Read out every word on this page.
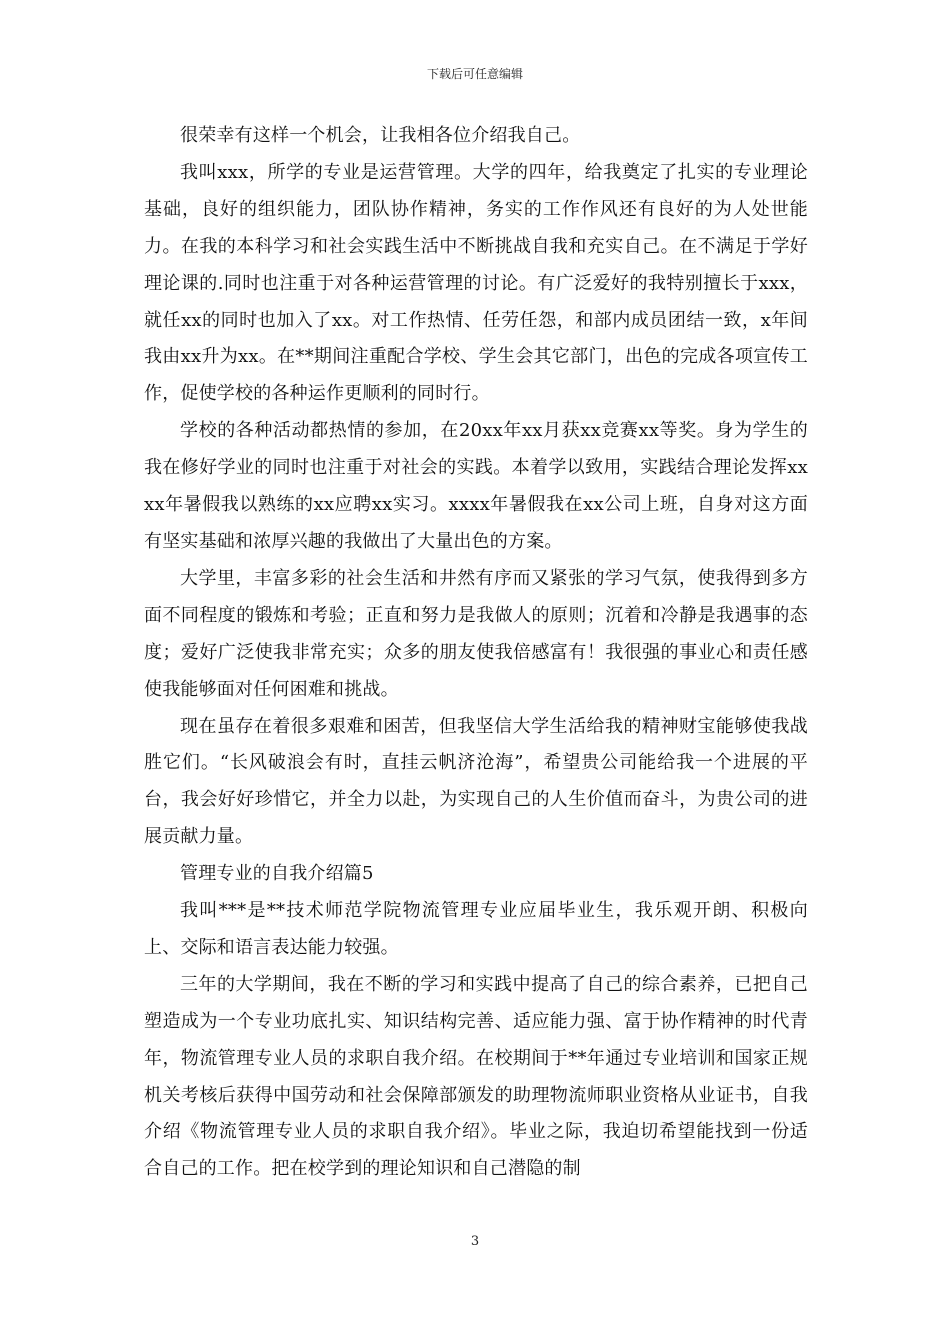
下载后可任意编辑

很荣幸有这样一个机会，让我相各位介绍我自己。

我叫xxx，所学的专业是运营管理。大学的四年，给我奠定了扎实的专业理论基础，良好的组织能力，团队协作精神，务实的工作作风还有良好的为人处世能力。在我的本科学习和社会实践生活中不断挑战自我和充实自己。在不满足于学好理论课的.同时也注重于对各种运营管理的讨论。有广泛爱好的我特别擅长于xxx，就任xx的同时也加入了xx。对工作热情、任劳任怨，和部内成员团结一致，x年间我由xx升为xx。在**期间注重配合学校、学生会其它部门，出色的完成各项宣传工作，促使学校的各种运作更顺利的同时行。

学校的各种活动都热情的参加，在20xx年xx月获xx竞赛xx等奖。身为学生的我在修好学业的同时也注重于对社会的实践。本着学以致用，实践结合理论发挥xxxx年暑假我以熟练的xx应聘xx实习。xxxx年暑假我在xx公司上班，自身对这方面有坚实基础和浓厚兴趣的我做出了大量出色的方案。

大学里，丰富多彩的社会生活和井然有序而又紧张的学习气氛，使我得到多方面不同程度的锻炼和考验；正直和努力是我做人的原则；沉着和冷静是我遇事的态度；爱好广泛使我非常充实；众多的朋友使我倍感富有！我很强的事业心和责任感使我能够面对任何困难和挑战。

现在虽存在着很多艰难和困苦，但我坚信大学生活给我的精神财宝能够使我战胜它们。“长风破浪会有时，直挂云帆济沧海”，希望贵公司能给我一个进展的平台，我会好好珍惜它，并全力以赴，为实现自己的人生价值而奋斗，为贵公司的进展贡献力量。

管理专业的自我介绍篇5

我叫***是**技术师范学院物流管理专业应届毕业生，我乐观开朗、积极向上、交际和语言表达能力较强。

三年的大学期间，我在不断的学习和实践中提高了自己的综合素养，已把自己塑造成为一个专业功底扎实、知识结构完善、适应能力强、富于协作精神的时代青年，物流管理专业人员的求职自我介绍。在校期间于**年通过专业培训和国家正规机关考核后获得中国劳动和社会保障部颁发的助理物流师职业资格从业证书，自我介绍《物流管理专业人员的求职自我介绍》。毕业之际，我迫切希望能找到一份适合自己的工作。把在校学到的理论知识和自己潜隐的制

3
